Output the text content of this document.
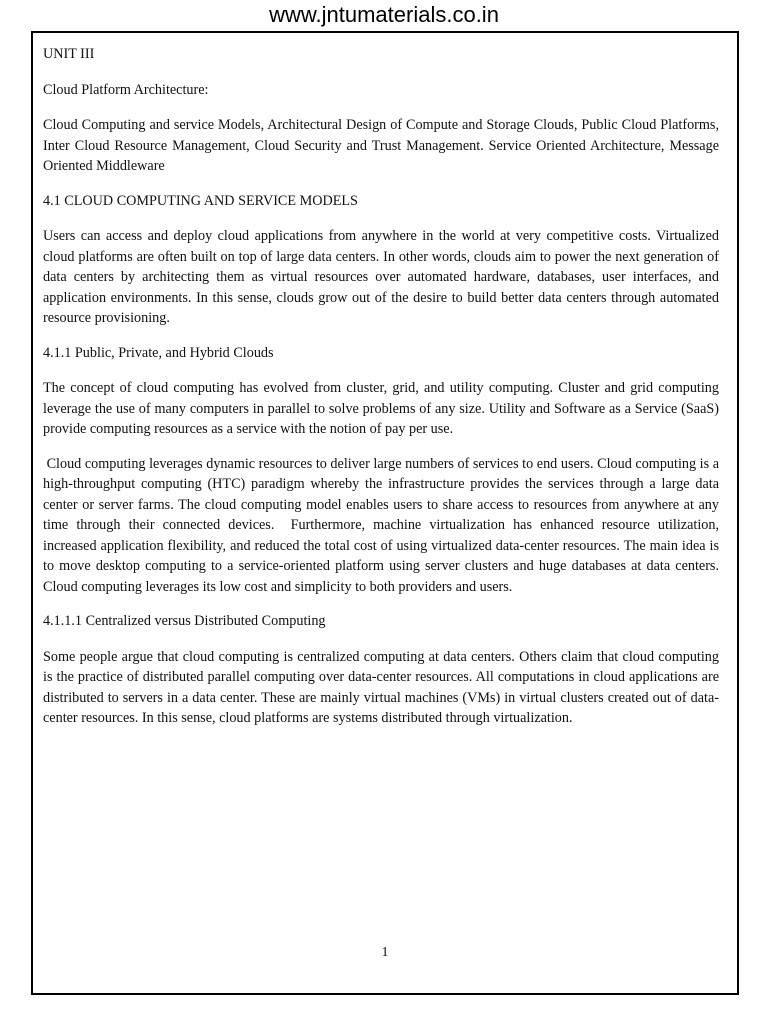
www.jntumaterials.co.in

UNIT III

Cloud Platform Architecture:

Cloud Computing and service Models, Architectural Design of Compute and Storage Clouds, Public Cloud Platforms, Inter Cloud Resource Management, Cloud Security and Trust Management. Service Oriented Architecture, Message Oriented Middleware

4.1 CLOUD COMPUTING AND SERVICE MODELS

Users can access and deploy cloud applications from anywhere in the world at very competitive costs. Virtualized cloud platforms are often built on top of large data centers. In other words, clouds aim to power the next generation of data centers by architecting them as virtual resources over automated hardware, databases, user interfaces, and application environments. In this sense, clouds grow out of the desire to build better data centers through automated resource provisioning.

4.1.1 Public, Private, and Hybrid Clouds

The concept of cloud computing has evolved from cluster, grid, and utility computing. Cluster and grid computing leverage the use of many computers in parallel to solve problems of any size. Utility and Software as a Service (SaaS) provide computing resources as a service with the notion of pay per use.

Cloud computing leverages dynamic resources to deliver large numbers of services to end users. Cloud computing is a high-throughput computing (HTC) paradigm whereby the infrastructure provides the services through a large data center or server farms. The cloud computing model enables users to share access to resources from anywhere at any time through their connected devices.  Furthermore, machine virtualization has enhanced resource utilization, increased application flexibility, and reduced the total cost of using virtualized data-center resources. The main idea is to move desktop computing to a service-oriented platform using server clusters and huge databases at data centers. Cloud computing leverages its low cost and simplicity to both providers and users.

4.1.1.1 Centralized versus Distributed Computing

Some people argue that cloud computing is centralized computing at data centers. Others claim that cloud computing is the practice of distributed parallel computing over data-center resources. All computations in cloud applications are distributed to servers in a data center. These are mainly virtual machines (VMs) in virtual clusters created out of data-center resources. In this sense, cloud platforms are systems distributed through virtualization.

1
